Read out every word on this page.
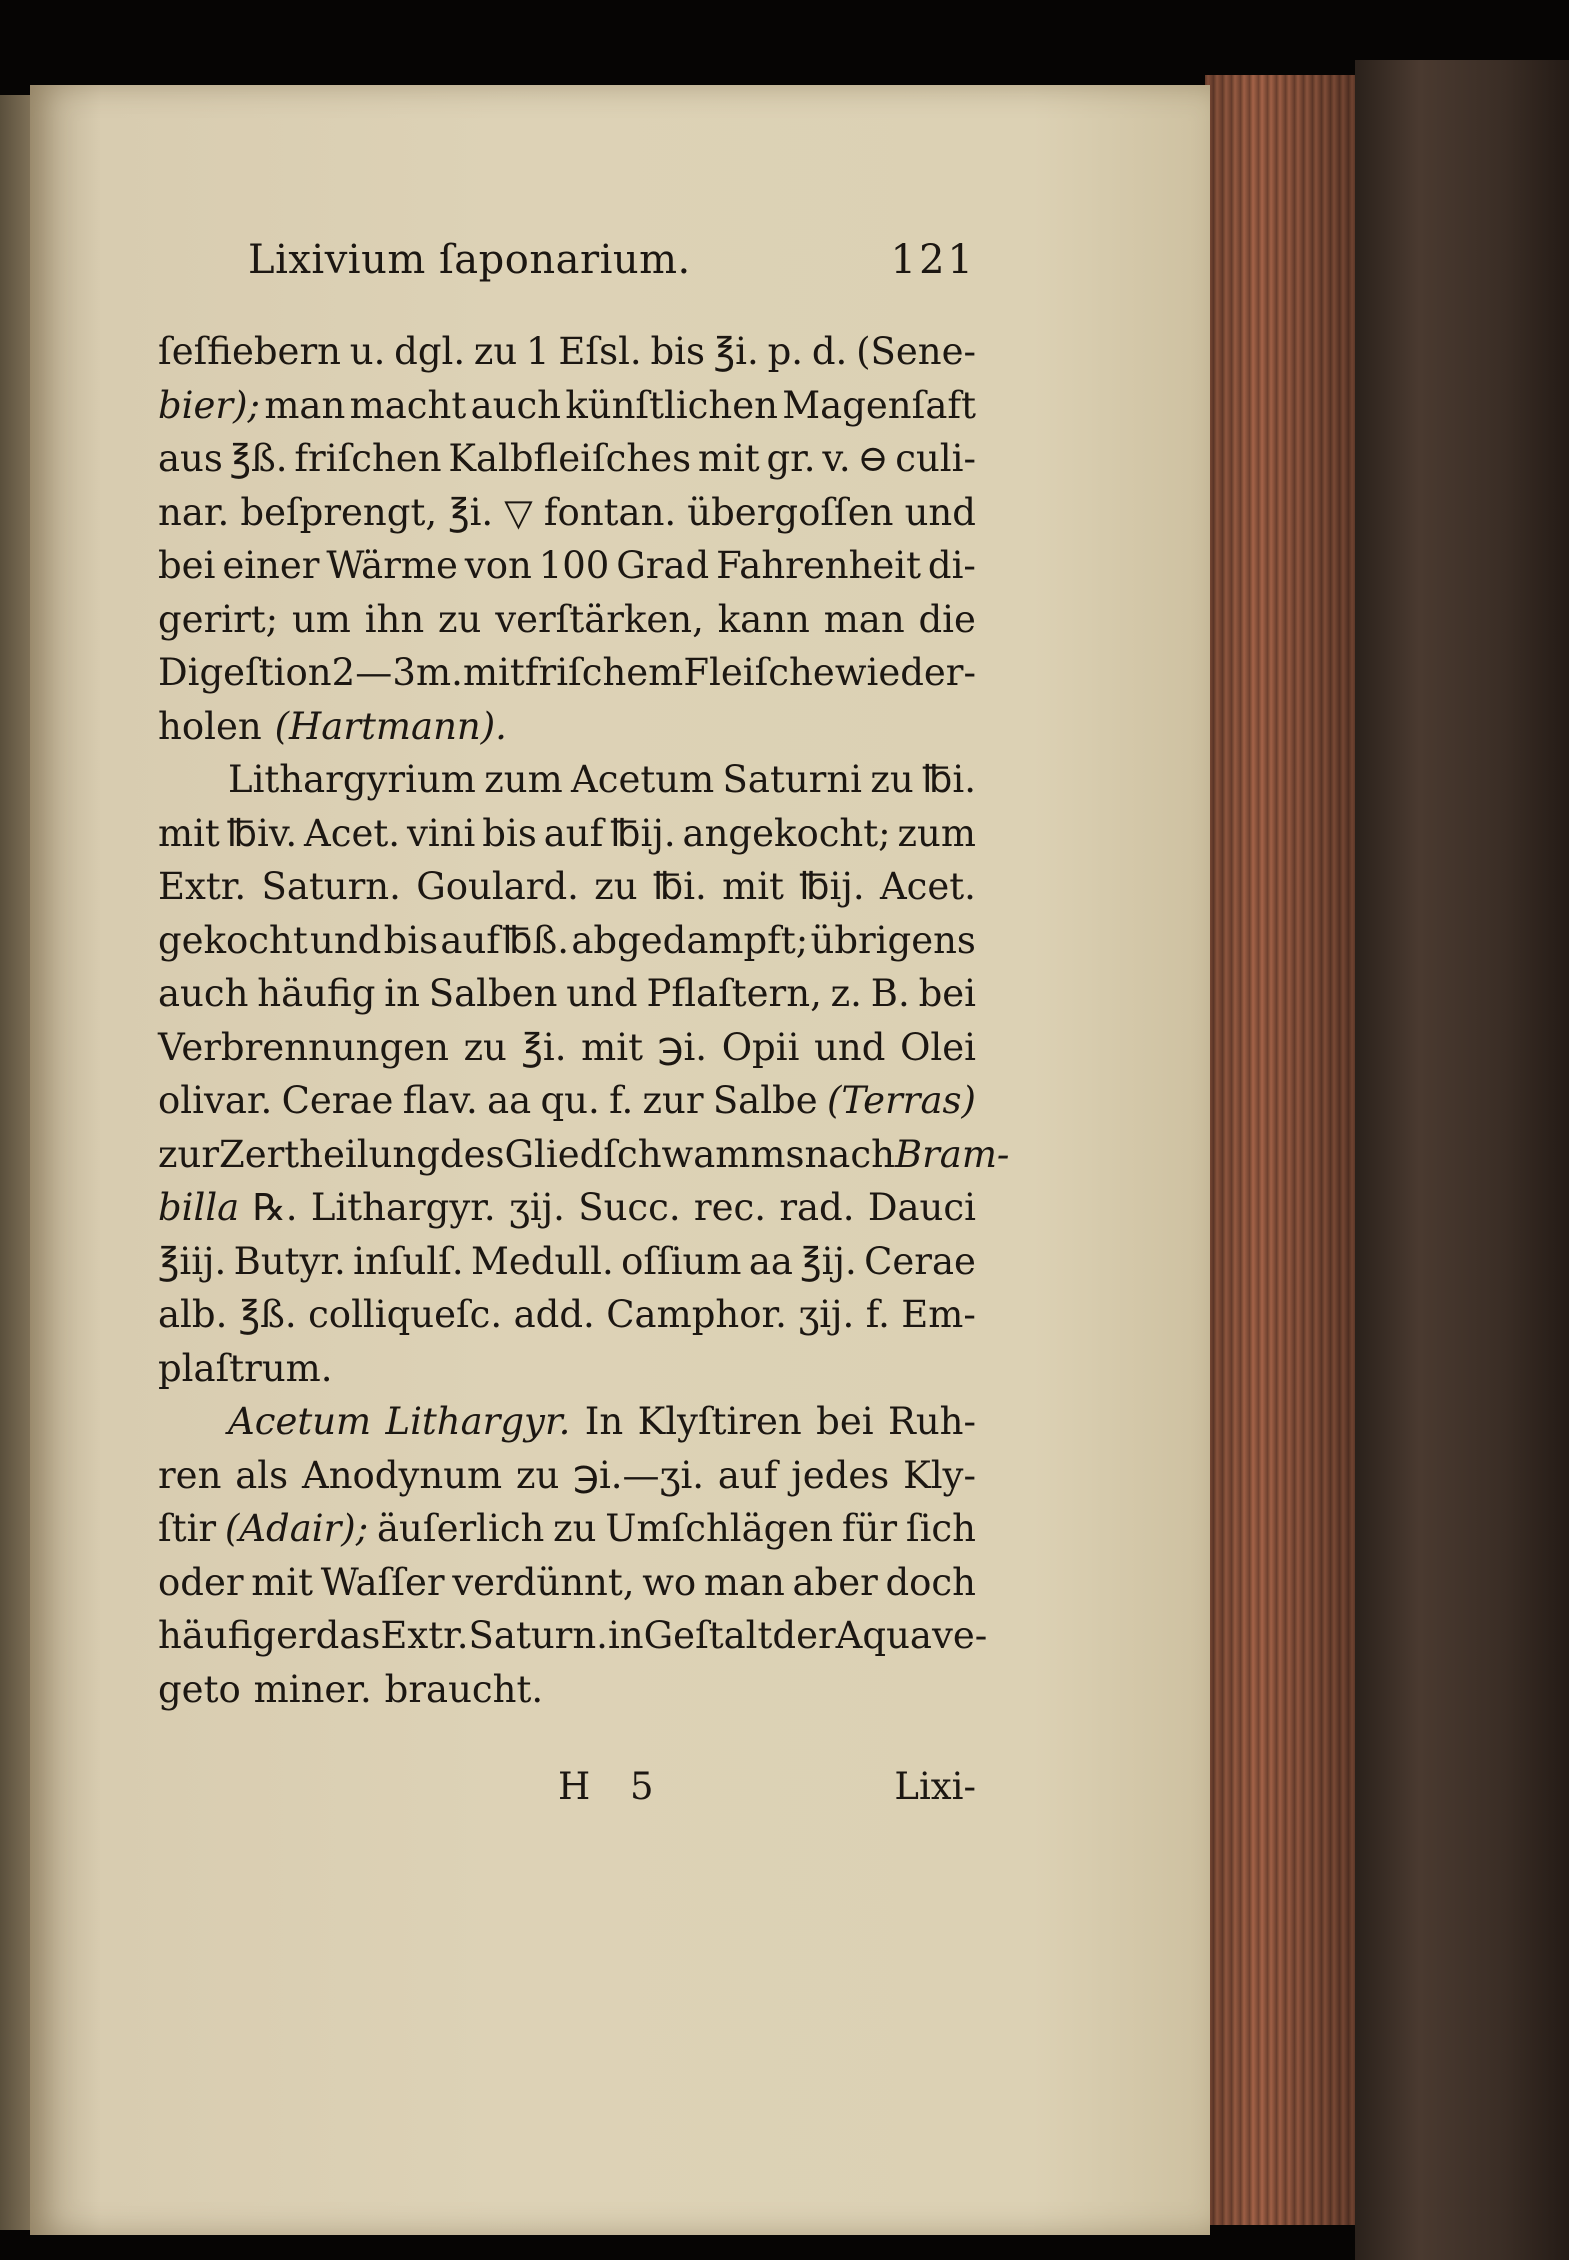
Lixivium ſaponarium.	121
ſeſfiebern u. dgl. zu 1 Eſsl. bis ℥i. p. d. (Sene-
bier); man macht auch künſtlichen Magenſaft
aus ℥ß. friſchen Kalbfleiſches mit gr. v. ⊖ culi-
nar. beſprengt, ℥i. ▽ fontan. übergoſſen und
bei einer Wärme von 100 Grad Fahrenheit di-
gerirt; um ihn zu verſtärken, kann man die
Digeſtion 2 — 3 m. mit friſchem Fleiſche wieder-
holen (Hartmann).
Lithargyrium zum Acetum Saturni zu ℔i.
mit ℔iv. Acet. vini bis auf ℔ij. angekocht; zum
Extr. Saturn. Goulard. zu ℔i. mit ℔ij. Acet.
gekocht und bis auf ℔ß. abgedampft; übrigens
auch häufig in Salben und Pflaſtern, z. B. bei
Verbrennungen zu ℥i. mit ℈i. Opii und Olei
olivar. Cerae flav. aa qu. f. zur Salbe (Terras)
zur Zertheilung des Gliedſchwamms nach Bram-
billa ℞. Lithargyr. ʒij. Succ. rec. rad. Dauci
℥iij. Butyr. inſulſ. Medull. oſſium aa ℥ij. Cerae
alb. ℥ß. colliqueſc. add. Camphor. ʒij. f. Em-
plaſtrum.
Acetum Lithargyr. In Klyſtiren bei Ruh-
ren als Anodynum zu ℈i.—ʒi. auf jedes Kly-
ſtir (Adair); äuſerlich zu Umſchlägen für ſich
oder mit Waſſer verdünnt, wo man aber doch
häufiger das Extr. Saturn. in Geſtalt der Aqua ve-
geto miner. braucht.
H 5	Lixi-
